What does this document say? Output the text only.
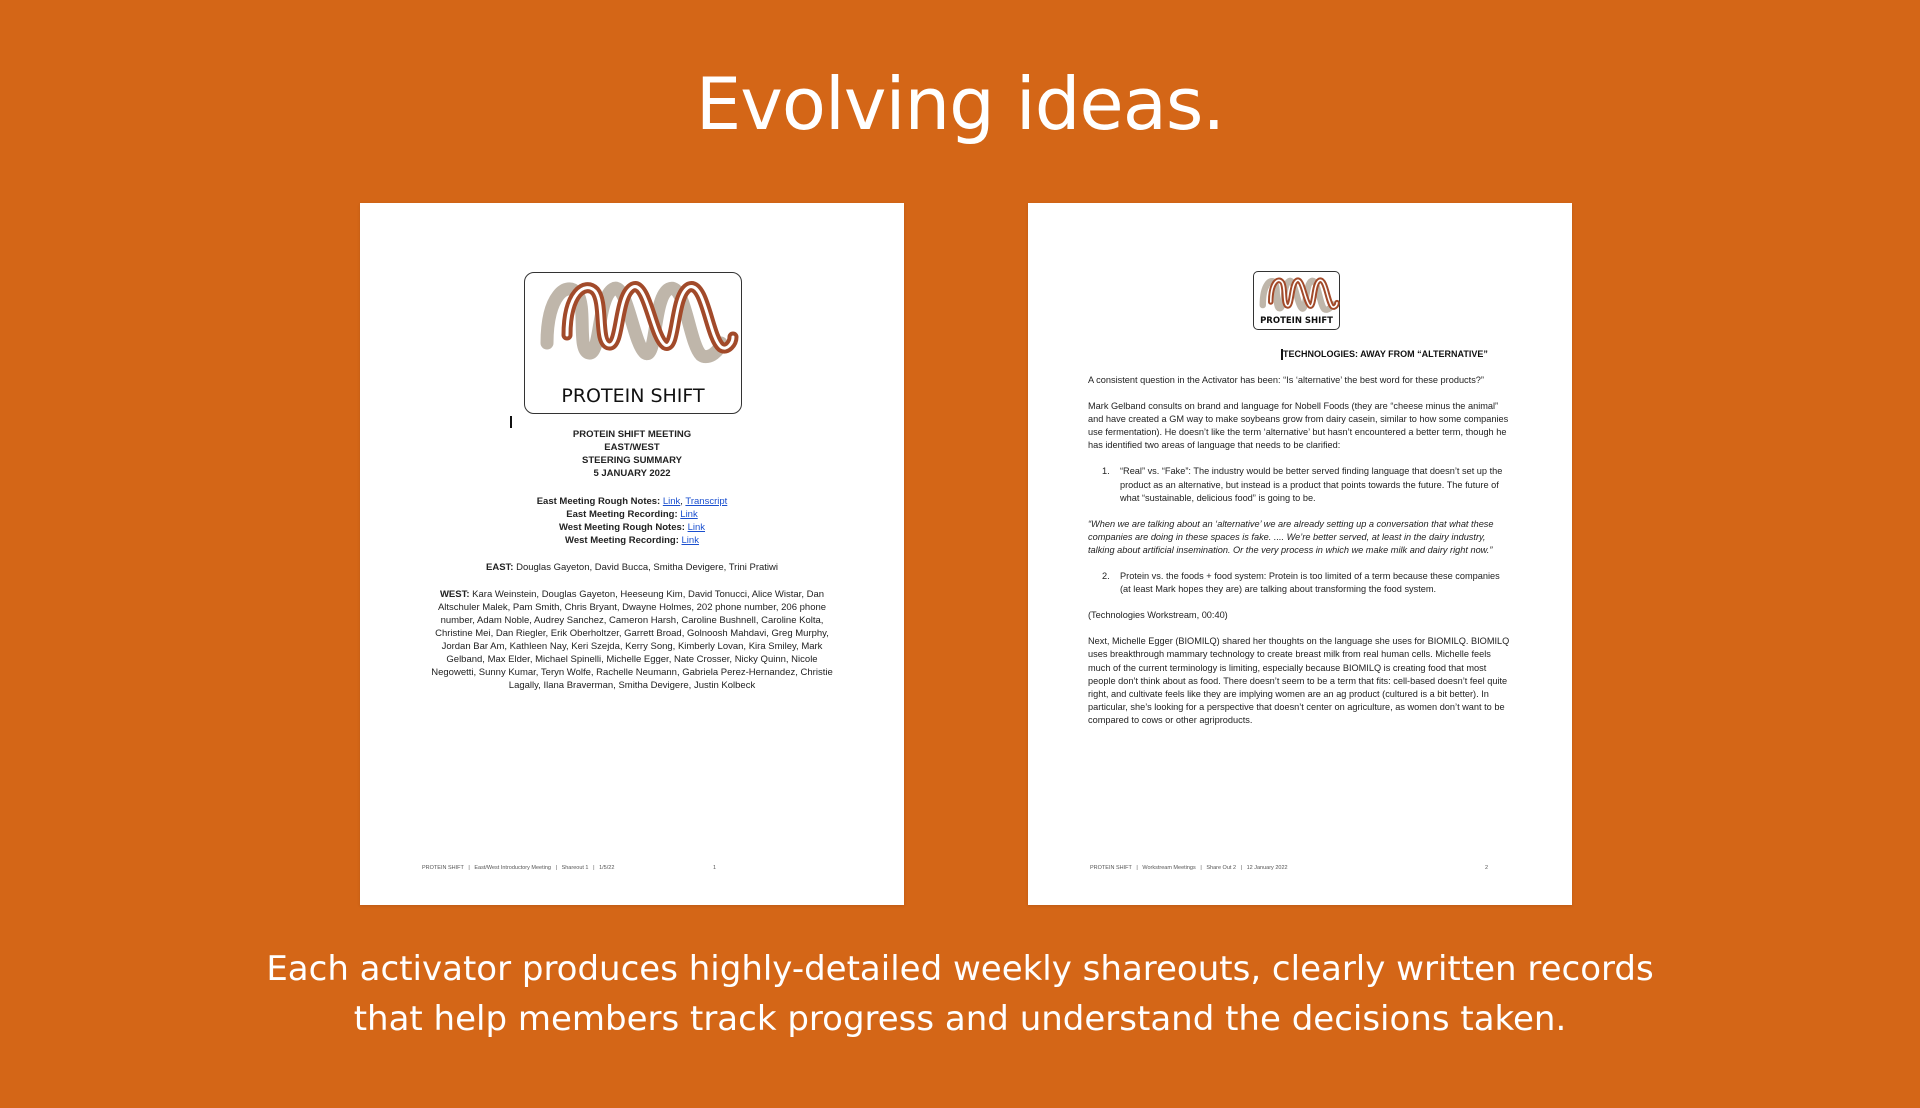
Evolving ideas.
PROTEIN SHIFT
PROTEIN SHIFT MEETING
EAST/WEST
STEERING SUMMARY
5 JANUARY 2022
East Meeting Rough Notes: Link, Transcript
East Meeting Recording: Link
West Meeting Rough Notes: Link
West Meeting Recording: Link
EAST: Douglas Gayeton, David Bucca, Smitha Devigere, Trini Pratiwi
WEST: Kara Weinstein, Douglas Gayeton, Heeseung Kim, David Tonucci, Alice Wistar, Dan Altschuler Malek, Pam Smith, Chris Bryant, Dwayne Holmes, 202 phone number, 206 phone number, Adam Noble, Audrey Sanchez, Cameron Harsh, Caroline Bushnell, Caroline Kolta, Christine Mei, Dan Riegler, Erik Oberholtzer, Garrett Broad, Golnoosh Mahdavi, Greg Murphy, Jordan Bar Am, Kathleen Nay, Keri Szejda, Kerry Song, Kimberly Lovan, Kira Smiley, Mark Gelband, Max Elder, Michael Spinelli, Michelle Egger, Nate Crosser, Nicky Quinn, Nicole Negowetti, Sunny Kumar, Teryn Wolfe, Rachelle Neumann, Gabriela Perez-Hernandez, Christie Lagally, Ilana Braverman, Smitha Devigere, Justin Kolbeck
PROTEIN SHIFT   |   East/West Introductory Meeting   |   Shareout 1   |   1/5/22	1
PROTEIN SHIFT
TECHNOLOGIES: AWAY FROM “ALTERNATIVE”

A consistent question in the Activator has been: “Is ‘alternative’ the best word for these products?”

Mark Gelband consults on brand and language for Nobell Foods (they are “cheese minus the animal” and have created a GM way to make soybeans grow from dairy casein, similar to how some companies use fermentation). He doesn’t like the term ‘alternative’ but hasn’t encountered a better term, though he has identified two areas of language that needs to be clarified:

1.	“Real” vs. “Fake”: The industry would be better served finding language that doesn’t set up the product as an alternative, but instead is a product that points towards the future. The future of what “sustainable, delicious food” is going to be.

“When we are talking about an ‘alternative’ we are already setting up a conversation that what these companies are doing in these spaces is fake. .... We’re better served, at least in the dairy industry, talking about artificial insemination. Or the very process in which we make milk and dairy right now.”

2.	Protein vs. the foods + food system: Protein is too limited of a term because these companies (at least Mark hopes they are) are talking about transforming the food system.

(Technologies Workstream, 00:40)

Next, Michelle Egger (BIOMILQ) shared her thoughts on the language she uses for BIOMILQ. BIOMILQ uses breakthrough mammary technology to create breast milk from real human cells. Michelle feels much of the current terminology is limiting, especially because BIOMILQ is creating food that most people don’t think about as food. There doesn’t seem to be a term that fits: cell-based doesn’t feel quite right, and cultivate feels like they are implying women are an ag product (cultured is a bit better). In particular, she’s looking for a perspective that doesn’t center on agriculture, as women don’t want to be compared to cows or other agriproducts.

PROTEIN SHIFT   |   Workstream Meetings   |   Share Out 2   |   12 January 2022	2
Each activator produces highly-detailed weekly shareouts, clearly written records
that help members track progress and understand the decisions taken.
